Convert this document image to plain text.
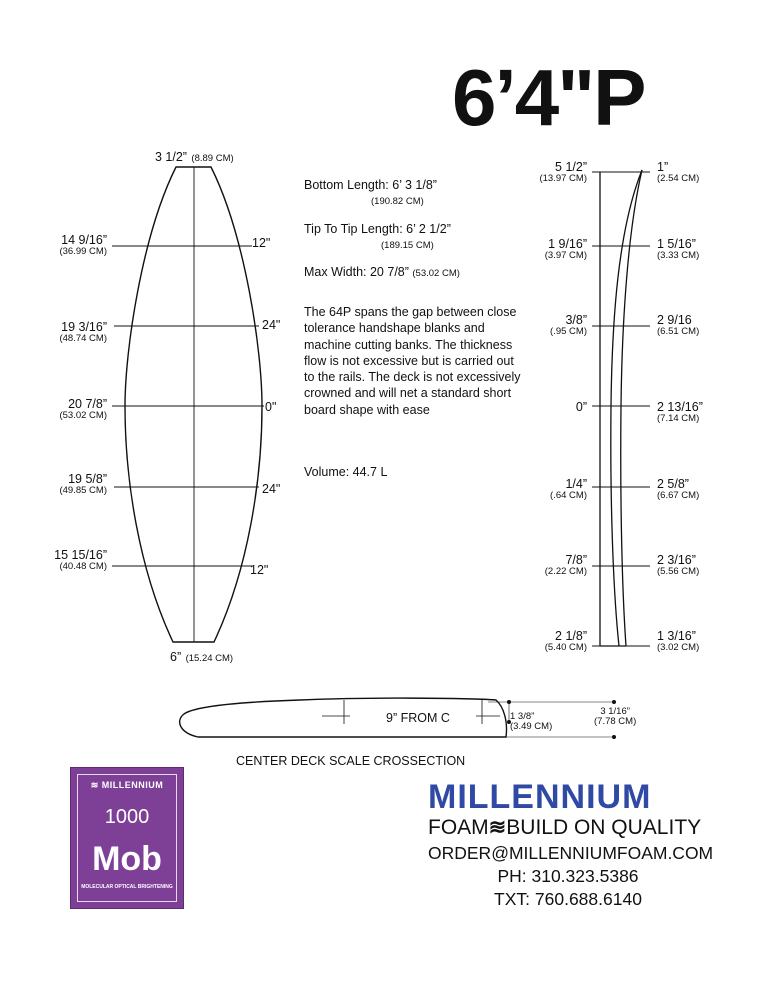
6’4"P
3 1/2” (8.89 CM)
6” (15.24 CM)
14 9/16”
(36.99 CM)
19 3/16”
(48.74 CM)
20 7/8”
(53.02 CM)
19 5/8”
(49.85 CM)
15 15/16”
(40.48 CM)
12"
24"
0"
24"
12"

Bottom Length: 6’ 3 1/8”

(190.82 CM)

Tip To Tip Length: 6’ 2 1/2”

(189.15 CM)

Max Width: 20 7/8” (53.02 CM)

The 64P spans the gap between close tolerance handshape blanks and machine cutting banks. The thickness flow is not excessive but is carried out to the rails. The deck is not excessively crowned and will net a standard short board shape with ease
Volume: 44.7 L
5 1/2”
(13.97 CM)
1 9/16”
(3.97 CM)
3/8”
(.95 CM)
0”
1/4”
(.64 CM)
7/8”
(2.22 CM)
2 1/8”
(5.40 CM)
1”
(2.54 CM)
1 5/16”
(3.33 CM)
2 9/16
(6.51 CM)
2 13/16”
(7.14 CM)
2 5/8”
(6.67 CM)
2 3/16”
(5.56 CM)
1 3/16”
(3.02 CM)
9” FROM C	1 3/8”
(3.49 CM)
3 1/16”
(7.78 CM)
CENTER DECK SCALE CROSSECTION
≋ MILLENNIUM
1000
Mob
MOLECULAR OPTICAL BRIGHTENING
MILLENNIUM
FOAM≋BUILD ON QUALITY
ORDER@MILLENNIUMFOAM.COM
PH: 310.323.5386
TXT: 760.688.6140
